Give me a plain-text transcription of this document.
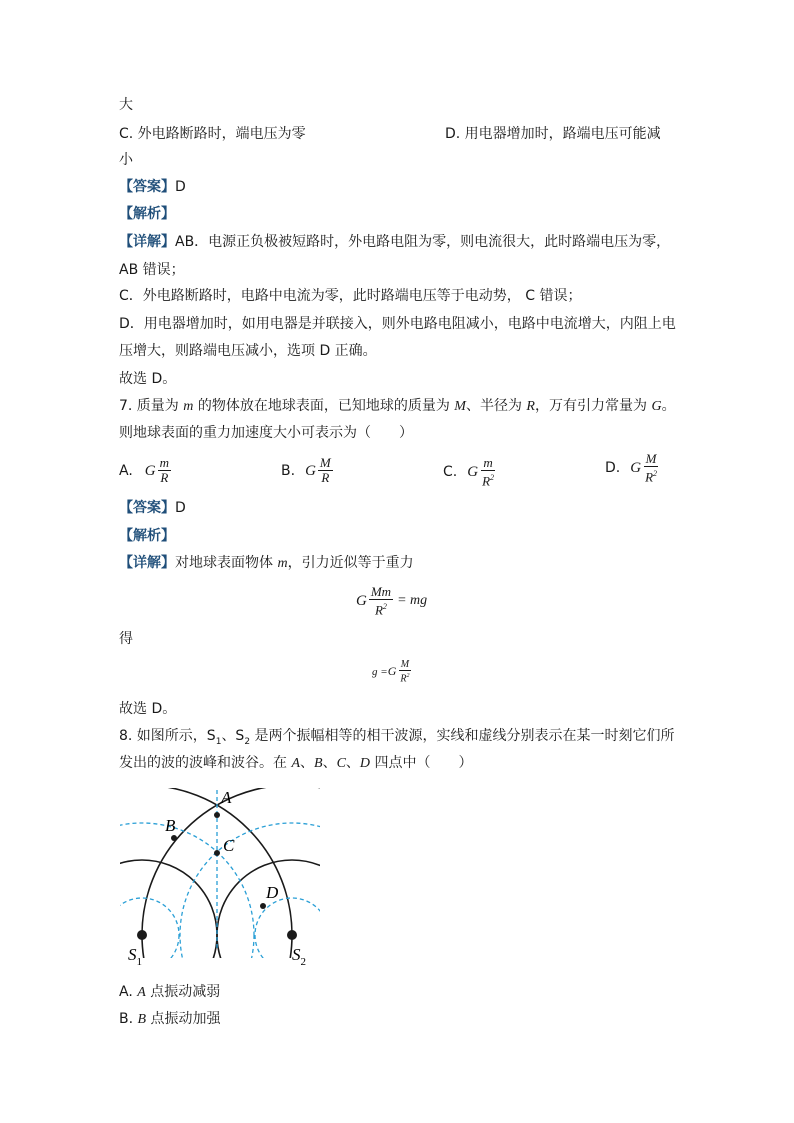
大
C. 外电路断路时，端电压为零	D. 用电器增加时，路端电压可能减
小
【答案】D
【解析】
【详解】AB．电源正负极被短路时，外电路电阻为零，则电流很大，此时路端电压为零，
AB 错误；
C．外电路断路时，电路中电流为零，此时路端电压等于电动势， C 错误；
D．用电器增加时，如用电器是并联接入，则外电路电阻减小，电路中电流增大，内阻上电
压增大，则路端电压减小，选项 D 正确。
故选 D。
7. 质量为 m 的物体放在地球表面，已知地球的质量为 M、半径为 R，万有引力常量为 G。
则地球表面的重力加速度大小可表示为（　　）
A. G $\frac{m}{R}$	B. G $\frac{M}{R}$	C. G $\frac{m}{R^2}$	D. G $\frac{M}{R^2}$
【答案】D
【解析】
【详解】对地球表面物体 m，引力近似等于重力
G $\frac{Mm}{R^2}$ = mg
得
g = G $\frac{M}{R^2}$
故选 D。
8. 如图所示，$S_1$、$S_2$ 是两个振幅相等的相干波源，实线和虚线分别表示在某一时刻它们所
发出的波的波峰和波谷。在 A、B、C、D 四点中（　　）
A
B
C
D
$S_1$	$S_2$
A. A 点振动减弱
B. B 点振动加强
